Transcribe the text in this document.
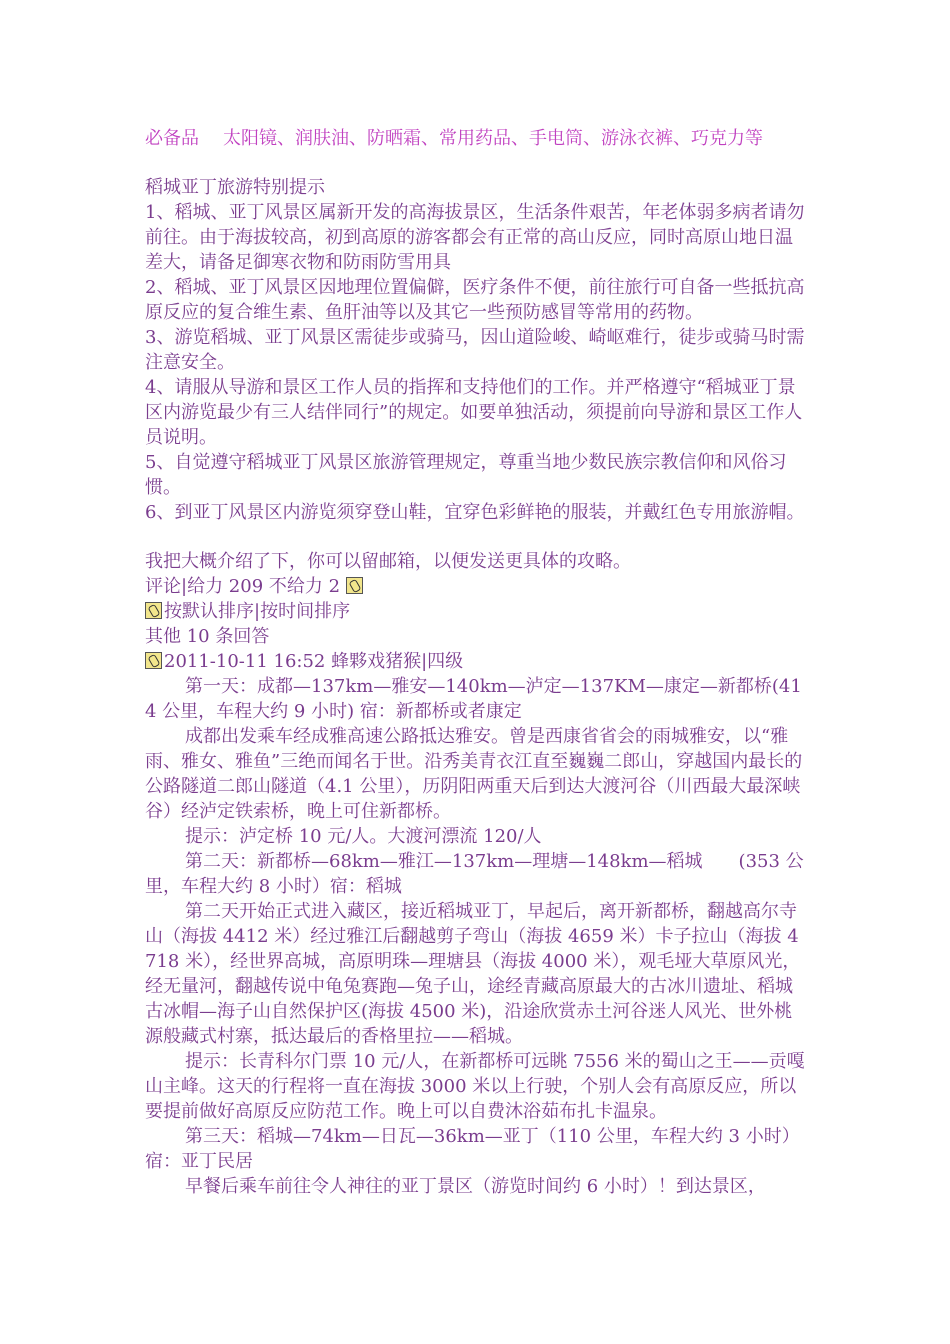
必备品 太阳镜、润肤油、防晒霜、常用药品、手电筒、游泳衣裤、巧克力等

稻城亚丁旅游特别提示

1、稻城、亚丁风景区属新开发的高海拔景区，生活条件艰苦，年老体弱多病者请勿前往。由于海拔较高，初到高原的游客都会有正常的高山反应，同时高原山地日温差大，请备足御寒衣物和防雨防雪用具

2、稻城、亚丁风景区因地理位置偏僻，医疗条件不便，前往旅行可自备一些抵抗高原反应的复合维生素、鱼肝油等以及其它一些预防感冒等常用的药物。

3、游览稻城、亚丁风景区需徒步或骑马，因山道险峻、崎岖难行，徒步或骑马时需注意安全。

4、请服从导游和景区工作人员的指挥和支持他们的工作。并严格遵守“稻城亚丁景区内游览最少有三人结伴同行”的规定。如要单独活动，须提前向导游和景区工作人员说明。

5、自觉遵守稻城亚丁风景区旅游管理规定，尊重当地少数民族宗教信仰和风俗习惯。

6、到亚丁风景区内游览须穿登山鞋，宜穿色彩鲜艳的服装，并戴红色专用旅游帽。

我把大概介绍了下，你可以留邮箱，以便发送更具体的攻略。

评论|给力 209 不给力 2

按默认排序|按时间排序

其他 10 条回答

2011-10-11 16:52 蜂夥戏猪猴|四级

第一天：成都—137km—雅安—140km—泸定—137KM—康定—新都桥(414 公里，车程大约 9 小时) 宿：新都桥或者康定

成都出发乘车经成雅高速公路抵达雅安。曾是西康省省会的雨城雅安，以“雅雨、雅女、雅鱼”三绝而闻名于世。沿秀美青衣江直至巍巍二郎山，穿越国内最长的公路隧道二郎山隧道（4.1 公里），历阴阳两重天后到达大渡河谷（川西最大最深峡谷）经泸定铁索桥，晚上可住新都桥。

提示：泸定桥 10 元/人。大渡河漂流 120/人

第二天：新都桥—68km—雅江—137km—理塘—148km—稻城　　(353 公里，车程大约 8 小时）宿：稻城

第二天开始正式进入藏区，接近稻城亚丁，早起后，离开新都桥，翻越高尔寺山（海拔 4412 米）经过雅江后翻越剪子弯山（海拔 4659 米）卡子拉山（海拔 4718 米），经世界高城，高原明珠—理塘县（海拔 4000 米），观毛垭大草原风光，经无量河，翻越传说中龟兔赛跑—兔子山，途经青藏高原最大的古冰川遗址、稻城古冰帽—海子山自然保护区(海拔 4500 米)，沿途欣赏赤土河谷迷人风光、世外桃源般藏式村寨，抵达最后的香格里拉——稻城。

提示：长青科尔门票 10 元/人，在新都桥可远眺 7556 米的蜀山之王——贡嘎山主峰。这天的行程将一直在海拔 3000 米以上行驶，个别人会有高原反应，所以要提前做好高原反应防范工作。晚上可以自费沐浴茹布扎卡温泉。

第三天：稻城—74km—日瓦—36km—亚丁（110 公里，车程大约 3 小时）宿：亚丁民居

早餐后乘车前往令人神往的亚丁景区（游览时间约 6 小时）！到达景区，
